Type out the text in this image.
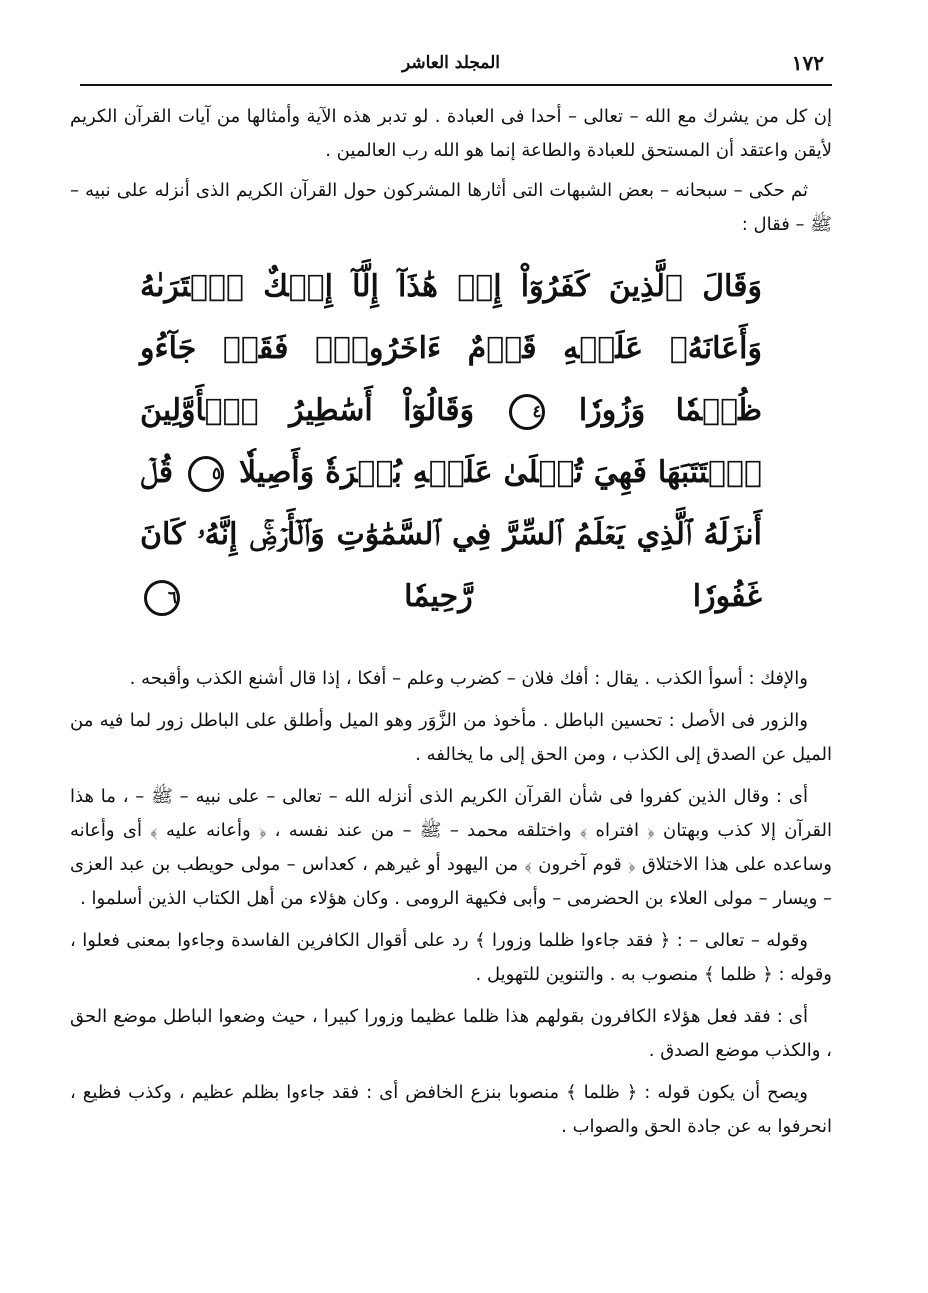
١٧٢
المجلد العاشر

إن كل من يشرك مع الله – تعالى – أحدا فى العبادة . لو تدبر هذه الآية وأمثالها من آيات القرآن الكريم لأيقن واعتقد أن المستحق للعبادة والطاعة إنما هو الله رب العالمين .

ثم حكى – سبحانه – بعض الشبهات التى أثارها المشركون حول القرآن الكريم الذى أنزله على نبيه – ﷺ – فقال :

وَقَالَ ٱلَّذِينَ كَفَرُوٓاْ إِنۡ هَٰذَآ إِلَّآ إِفۡكٌ ٱفۡتَرَىٰهُ وَأَعَانَهُۥ عَلَيۡهِ قَوۡمٌ ءَاخَرُونَۖ فَقَدۡ جَآءُو ظُلۡمٗا وَزُورٗا ٤ وَقَالُوٓاْ أَسَٰطِيرُ ٱلۡأَوَّلِينَ ٱكۡتَتَبَهَا فَهِيَ تُمۡلَىٰ عَلَيۡهِ بُكۡرَةٗ وَأَصِيلٗا ٥ قُلۡ أَنزَلَهُ ٱلَّذِي يَعۡلَمُ ٱلسِّرَّ فِي ٱلسَّمَٰوَٰتِ وَٱلۡأَرۡضِۚ إِنَّهُۥ كَانَ غَفُورٗا رَّحِيمٗا ٦

والإفك : أسوأ الكذب . يقال : أفك فلان – كضرب وعلم – أفكا ، إذا قال أشنع الكذب وأقبحه .

والزور فى الأصل : تحسين الباطل . مأخوذ من الزَّوَر وهو الميل وأطلق على الباطل زور لما فيه من الميل عن الصدق إلى الكذب ، ومن الحق إلى ما يخالفه .

أى : وقال الذين كفروا فى شأن القرآن الكريم الذى أنزله الله – تعالى – على نبيه – ﷺ – ، ما هذا القرآن إلا كذب وبهتان ﴿ افتراه ﴾ واختلقه محمد – ﷺ – من عند نفسه ، ﴿ وأعانه عليه ﴾ أى وأعانه وساعده على هذا الاختلاق ﴿ قوم آخرون ﴾ من اليهود أو غيرهم ، كعداس – مولى حويطب بن عبد العزى – ويسار – مولى العلاء بن الحضرمى – وأبى فكيهة الرومى . وكان هؤلاء من أهل الكتاب الذين أسلموا .

وقوله – تعالى – : ﴿ فقد جاءوا ظلما وزورا ﴾ رد على أقوال الكافرين الفاسدة وجاءوا بمعنى فعلوا ، وقوله : ﴿ ظلما ﴾ منصوب به . والتنوين للتهويل .

أى : فقد فعل هؤلاء الكافرون بقولهم هذا ظلما عظيما وزورا كبيرا ، حيث وضعوا الباطل موضع الحق ، والكذب موضع الصدق .

ويصح أن يكون قوله : ﴿ ظلما ﴾ منصوبا بنزع الخافض أى : فقد جاءوا بظلم عظيم ، وكذب فظيع ، انحرفوا به عن جادة الحق والصواب .
